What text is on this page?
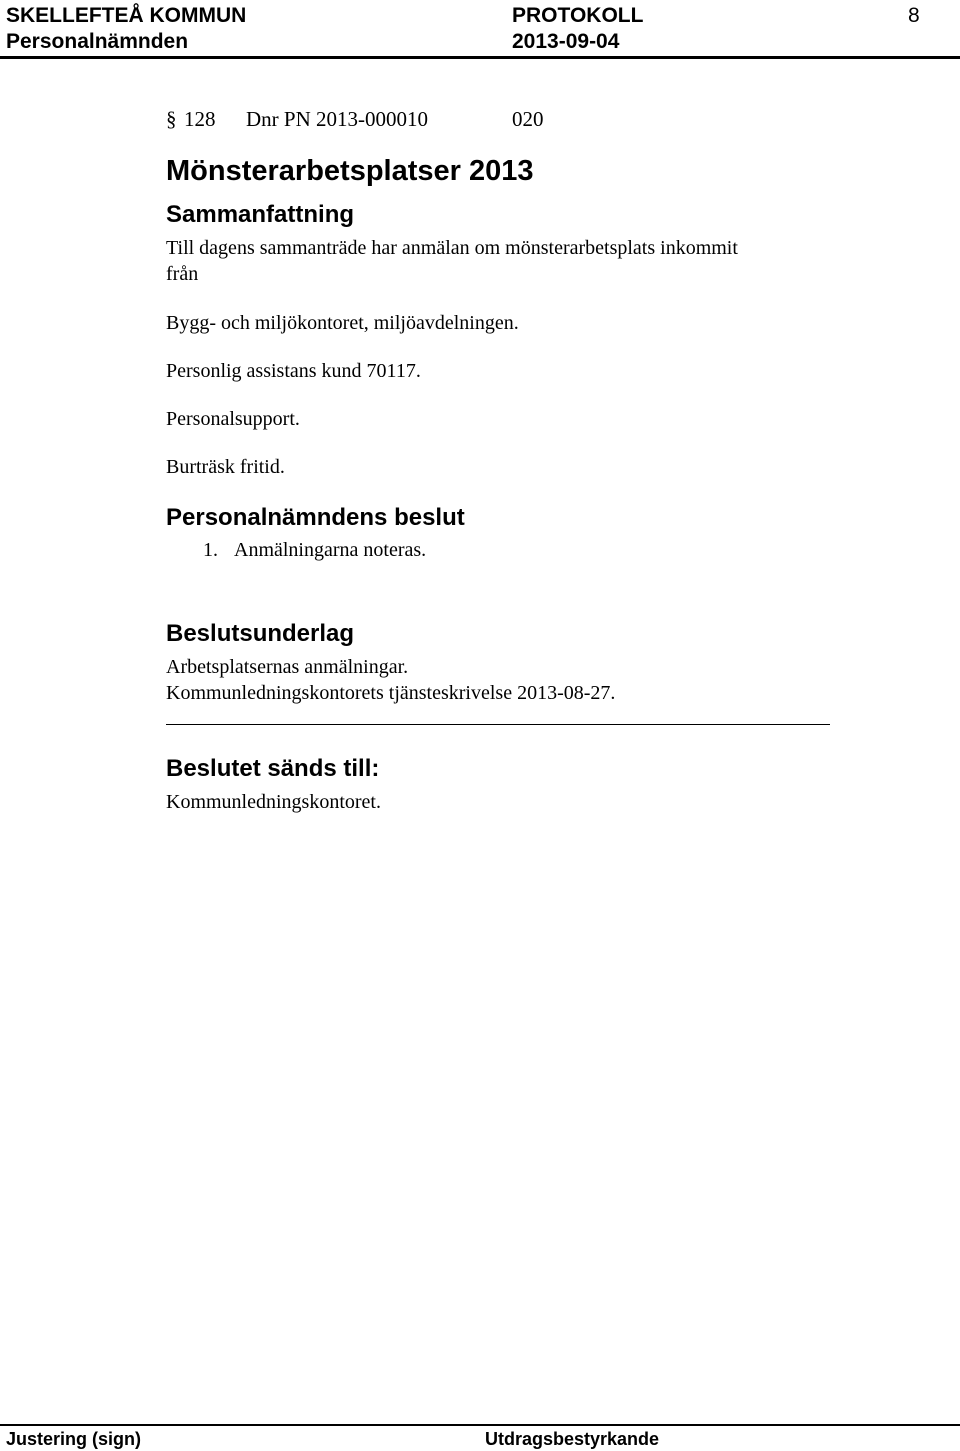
SKELLEFTEÅ KOMMUN	PROTOKOLL	8
Personalnämnden	2013-09-04
§ 128 Dnr PN 2013-000010	020
Mönsterarbetsplatser 2013
Sammanfattning
Till dagens sammanträde har anmälan om mönsterarbetsplats inkommit
från
Bygg- och miljökontoret, miljöavdelningen.
Personlig assistans kund 70117.
Personalsupport.
Burträsk fritid.
Personalnämndens beslut
1. Anmälningarna noteras.
Beslutsunderlag
Arbetsplatsernas anmälningar.
Kommunledningskontorets tjänsteskrivelse 2013-08-27.
Beslutet sänds till:
Kommunledningskontoret.
Justering (sign)	Utdragsbestyrkande
